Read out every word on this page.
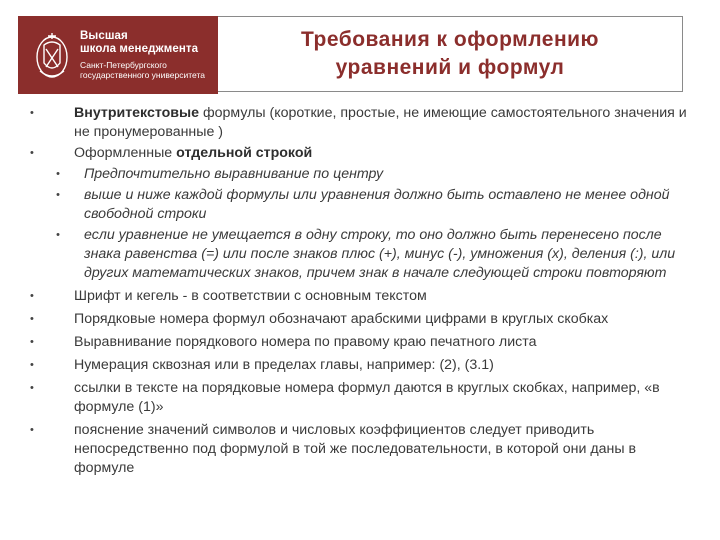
Высшая
школа менеджмента
Санкт-Петербургского
государственного университета
Требования к оформлению
уравнений и формул
•	Внутритекстовые формулы (короткие, простые, не имеющие самостоятельного значения и не пронумерованные )
•	Оформленные отдельной строкой
• Предпочтительно выравнивание по центру
• выше и ниже каждой формулы или уравнения должно быть оставлено не менее одной свободной строки
• если уравнение не умещается в одну строку, то оно должно быть перенесено после знака равенства (=) или после знаков плюс (+), минус (-), умножения (х), деления (:), или других математических знаков, причем знак в начале следующей строки повторяют
•	Шрифт и кегель - в соответствии с основным текстом
•	Порядковые номера формул обозначают арабскими цифрами в круглых скобках
•	Выравнивание порядкового номера по правому краю печатного листа
•	Нумерация сквозная или в пределах главы, например: (2), (3.1)
•	ссылки в тексте на порядковые номера формул даются в круглых скобках, например, «в формуле (1)»
•	пояснение значений символов и числовых коэффициентов следует приводить непосредственно под формулой в той же последовательности, в которой они даны в формуле
